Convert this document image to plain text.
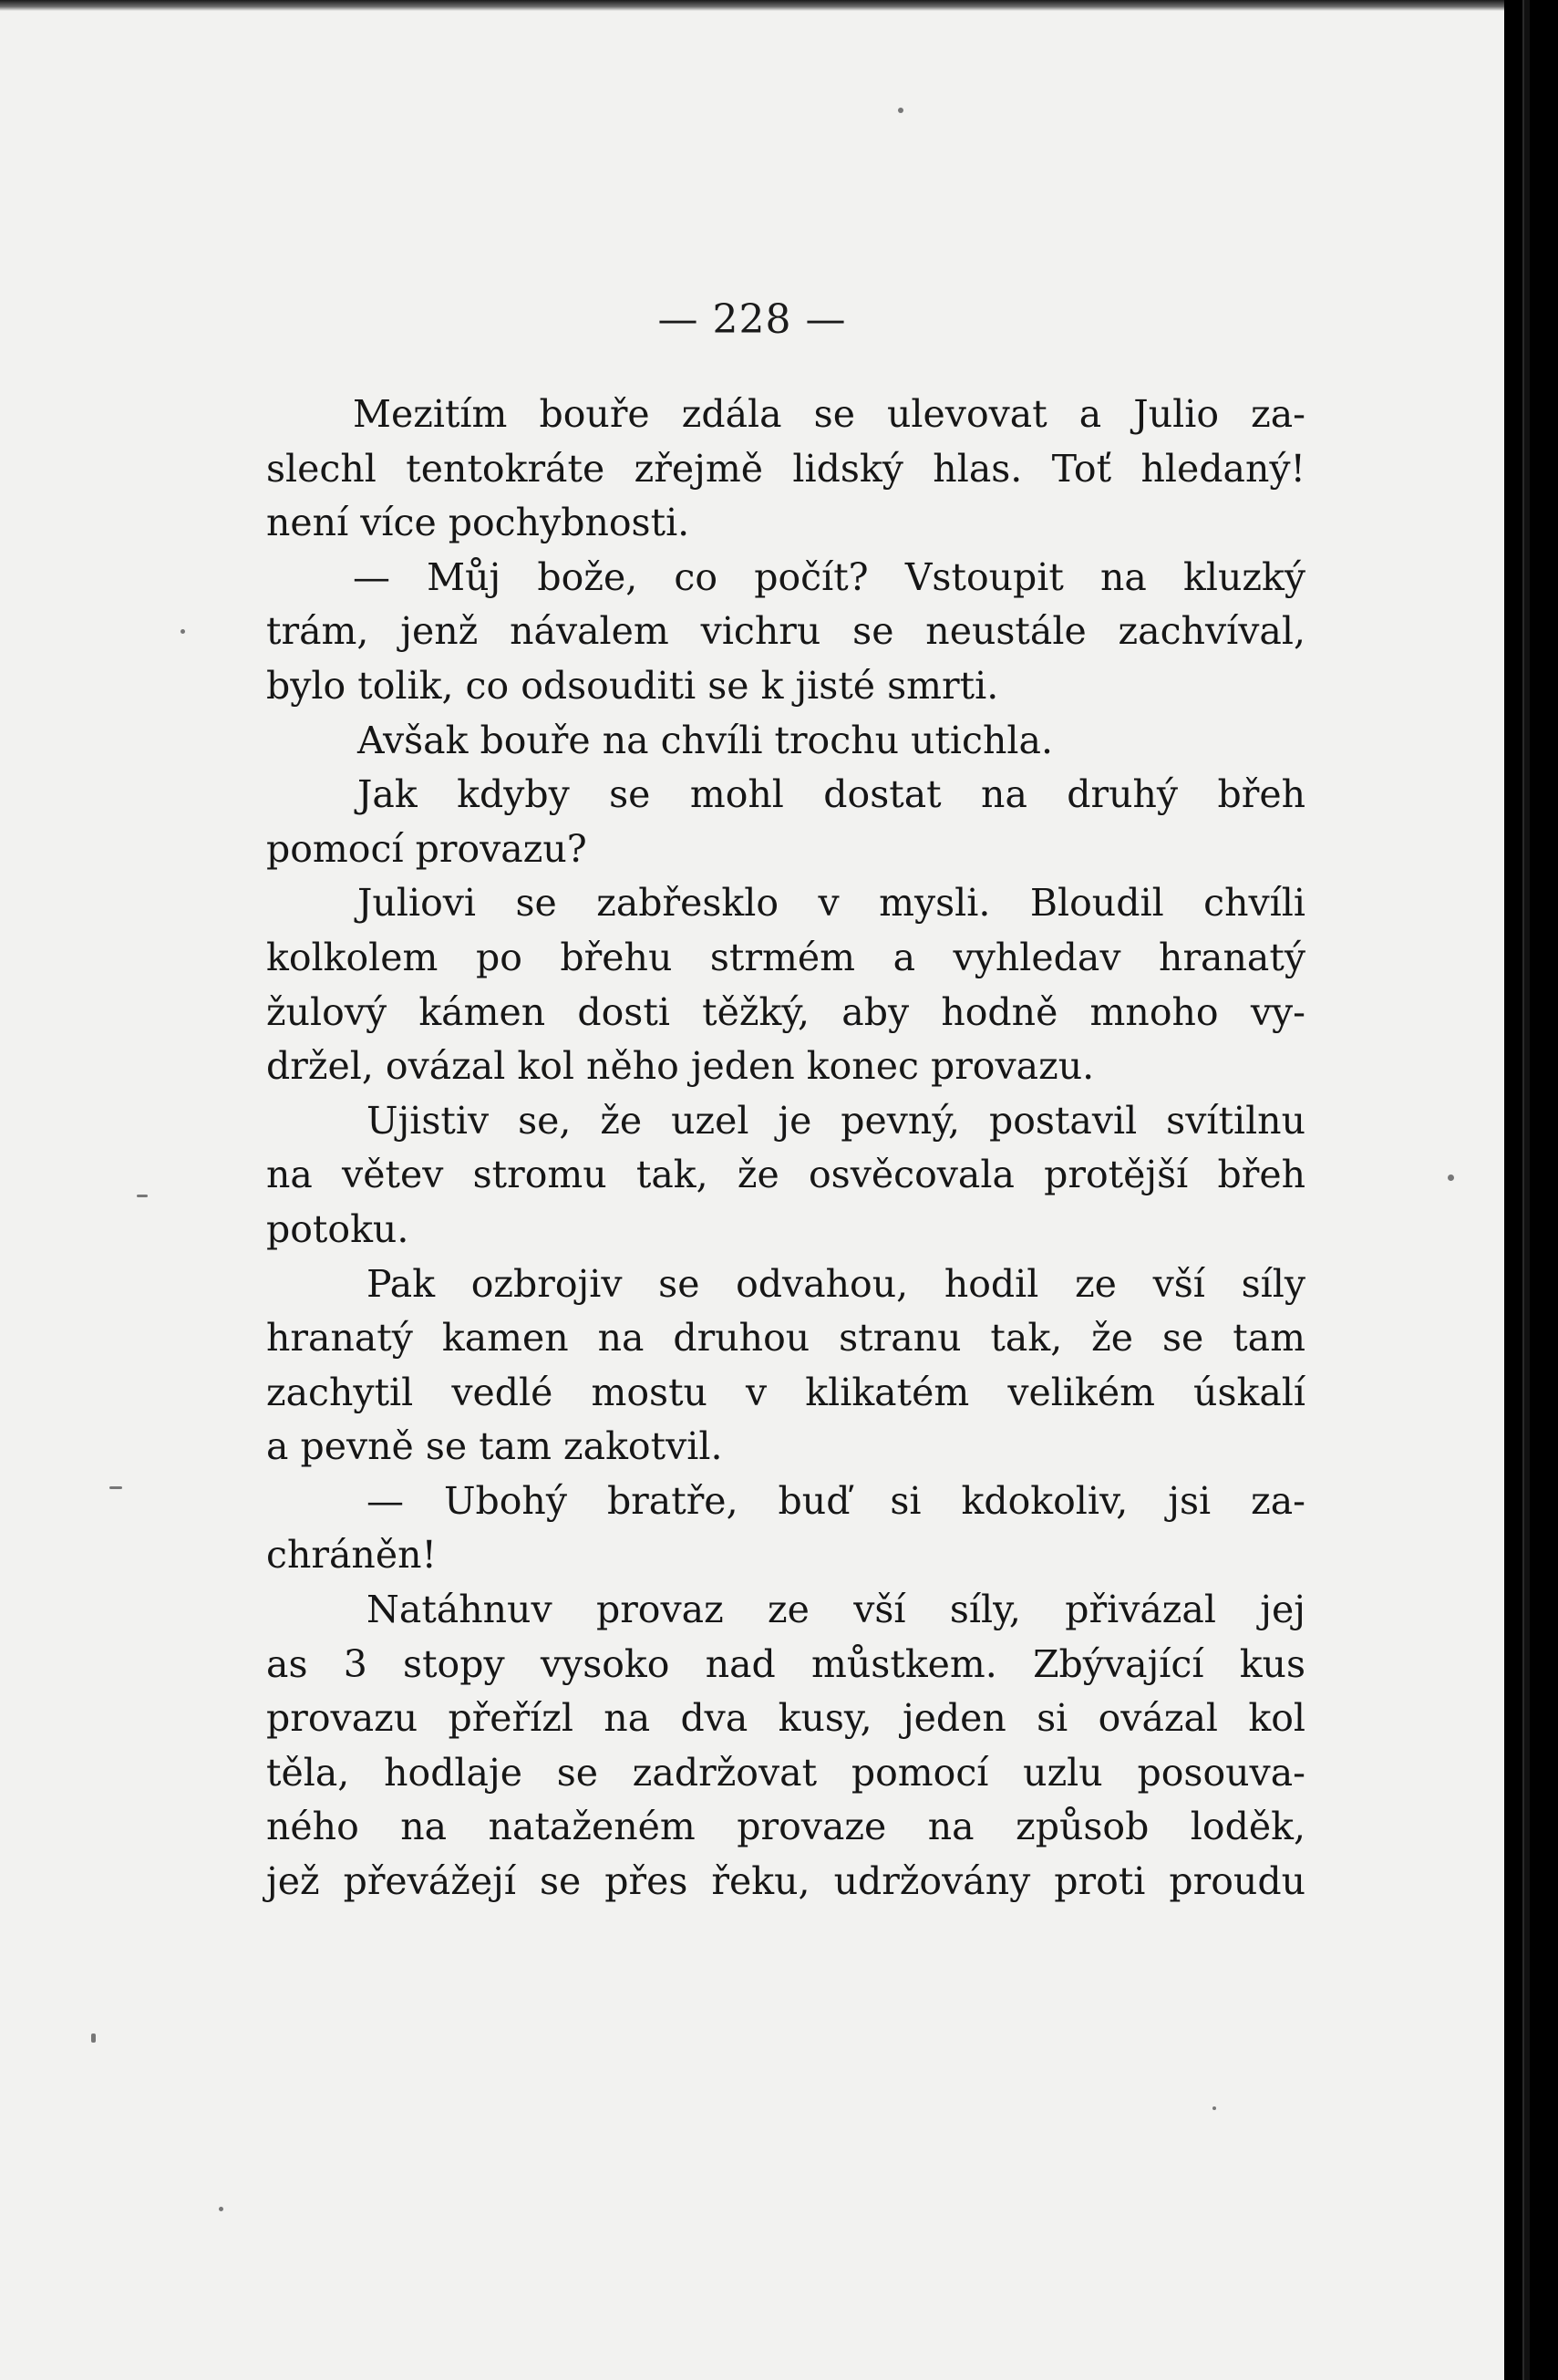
— 228 —
Mezitím bouře zdála se ulevovat a Julio za-
slechl tentokráte zřejmě lidský hlas. Toť hledaný!
není více pochybnosti.
— Můj bože, co počít? Vstoupit na kluzký
trám, jenž návalem vichru se neustále zachvíval,
bylo tolik, co odsouditi se k jisté smrti.
Avšak bouře na chvíli trochu utichla.
Jak kdyby se mohl dostat na druhý břeh
pomocí provazu?
Juliovi se zabřesklo v mysli. Bloudil chvíli
kolkolem po břehu strmém a vyhledav hranatý
žulový kámen dosti těžký, aby hodně mnoho vy-
držel, ovázal kol něho jeden konec provazu.
Ujistiv se, že uzel je pevný, postavil svítilnu
na větev stromu tak, že osvěcovala protější břeh
potoku.
Pak ozbrojiv se odvahou, hodil ze vší síly
hranatý kamen na druhou stranu tak, že se tam
zachytil vedlé mostu v klikatém velikém úskalí
a pevně se tam zakotvil.
— Ubohý bratře, buď si kdokoliv, jsi za-
chráněn!
Natáhnuv provaz ze vší síly, přivázal jej
as 3 stopy vysoko nad můstkem. Zbývající kus
provazu přeřízl na dva kusy, jeden si ovázal kol
těla, hodlaje se zadržovat pomocí uzlu posouva-
ného na nataženém provaze na způsob loděk,
jež převážejí se přes řeku, udržovány proti proudu
